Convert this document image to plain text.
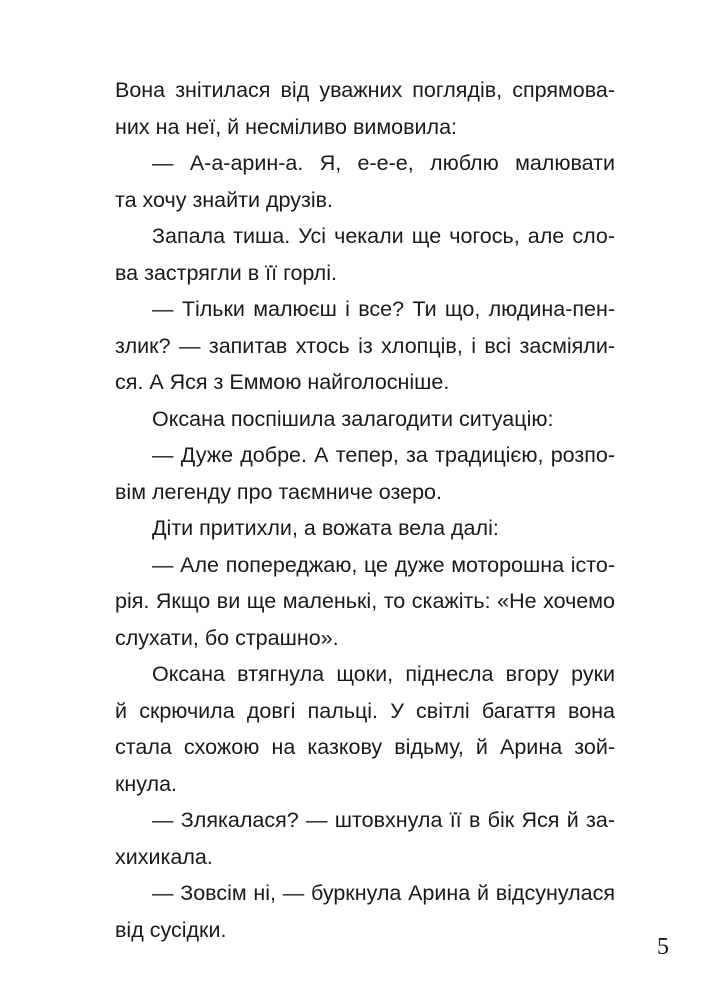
Вона знітилася від уважних поглядів, спрямова-
них на неї, й несміливо вимовила:
— А-а-арин-а. Я, е-е-е, люблю малювати
та хочу знайти друзів.
Запала тиша. Усі чекали ще чогось, але сло-
ва застрягли в її горлі.
— Тільки малюєш і все? Ти що, людина-пен-
злик? — запитав хтось із хлопців, і всі засміяли-
ся. А Яся з Еммою найголосніше.
Оксана поспішила залагодити ситуацію:
— Дуже добре. А тепер, за традицією, розпо-
вім легенду про таємниче озеро.
Діти притихли, а вожата вела далі:
— Але попереджаю, це дуже моторошна істо-
рія. Якщо ви ще маленькі, то скажіть: «Не хочемо
слухати, бо страшно».
Оксана втягнула щоки, піднесла вгору руки
й скрючила довгі пальці. У світлі багаття вона
стала схожою на казкову відьму, й Арина зой-
кнула.
— Злякалася? — штовхнула її в бік Яся й за-
хихикала.
— Зовсім ні, — буркнула Арина й відсунулася
від сусідки.
5
